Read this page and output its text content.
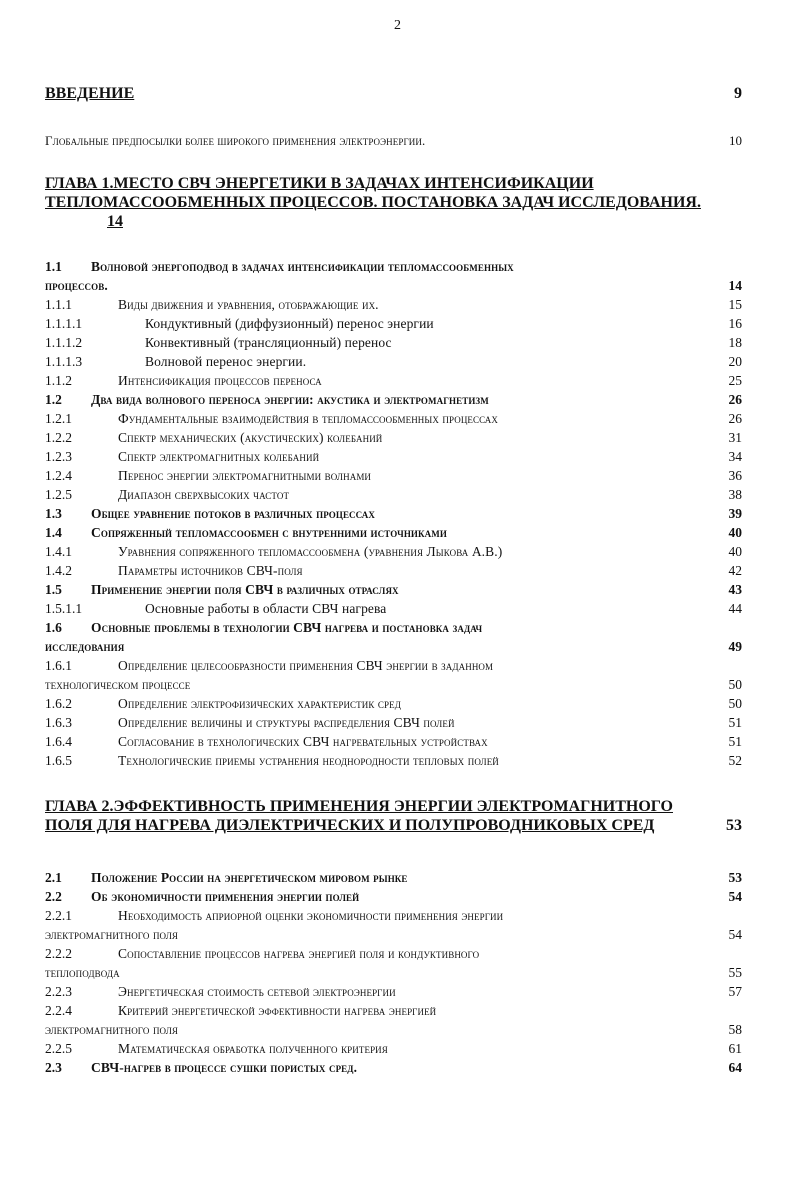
2
ВВЕДЕНИЕ	9
Глобальные предпосылки более широкого применения электроэнергии.	10
ГЛАВА 1.МЕСТО СВЧ ЭНЕРГЕТИКИ В ЗАДАЧАХ ИНТЕНСИФИКАЦИИ
ТЕПЛОМАССООБМЕННЫХ ПРОЦЕССОВ. ПОСТАНОВКА ЗАДАЧ ИССЛЕДОВАНИЯ.
14
1.1	Волновой энергоподвод в задачах интенсификации тепломассообменных
процессов.	14
1.1.1	Виды движения и уравнения, отображающие их.	15
1.1.1.1	Кондуктивный (диффузионный) перенос энергии	16
1.1.1.2	Конвективный (трансляционный) перенос	18
1.1.1.3	Волновой перенос энергии.	20
1.1.2	Интенсификация процессов переноса	25
1.2	Два вида волнового переноса энергии: акустика и электромагнетизм	26
1.2.1	Фундаментальные взаимодействия в тепломассообменных процессах	26
1.2.2	Спектр механических (акустических) колебаний	31
1.2.3	Спектр электромагнитных колебаний	34
1.2.4	Перенос энергии электромагнитными волнами	36
1.2.5	Диапазон сверхвысоких частот	38
1.3	Общее уравнение потоков в различных процессах	39
1.4	Сопряженный тепломассообмен с внутренними источниками	40
1.4.1	Уравнения сопряженного тепломассообмена (уравнения Лыкова А.В.)	40
1.4.2	Параметры источников СВЧ-поля	42
1.5	Применение энергии поля СВЧ в различных отраслях	43
1.5.1.1	Основные работы в области СВЧ нагрева	44
1.6	Основные проблемы в технологии СВЧ нагрева и постановка задач
исследования	49
1.6.1	Определение целесообразности применения СВЧ энергии в заданном
технологическом процессе	50
1.6.2	Определение электрофизических характеристик сред	50
1.6.3	Определение величины и структуры распределения СВЧ полей	51
1.6.4	Согласование в технологических СВЧ нагревательных устройствах	51
1.6.5	Технологические приемы устранения неоднородности тепловых полей	52
ГЛАВА 2.ЭФФЕКТИВНОСТЬ ПРИМЕНЕНИЯ ЭНЕРГИИ ЭЛЕКТРОМАГНИТНОГО
ПОЛЯ ДЛЯ НАГРЕВА ДИЭЛЕКТРИЧЕСКИХ И ПОЛУПРОВОДНИКОВЫХ СРЕД	53
2.1	Положение России на энергетическом мировом рынке	53
2.2	Об экономичности применения энергии полей	54
2.2.1	Необходимость априорной оценки экономичности применения энергии
электромагнитного поля	54
2.2.2	Сопоставление процессов нагрева энергией поля и кондуктивного
теплоподвода	55
2.2.3	Энергетическая стоимость сетевой электроэнергии	57
2.2.4	Критерий энергетической эффективности нагрева энергией
электромагнитного поля	58
2.2.5	Математическая обработка полученного критерия	61
2.3	СВЧ-нагрев в процессе сушки пористых сред.	64
